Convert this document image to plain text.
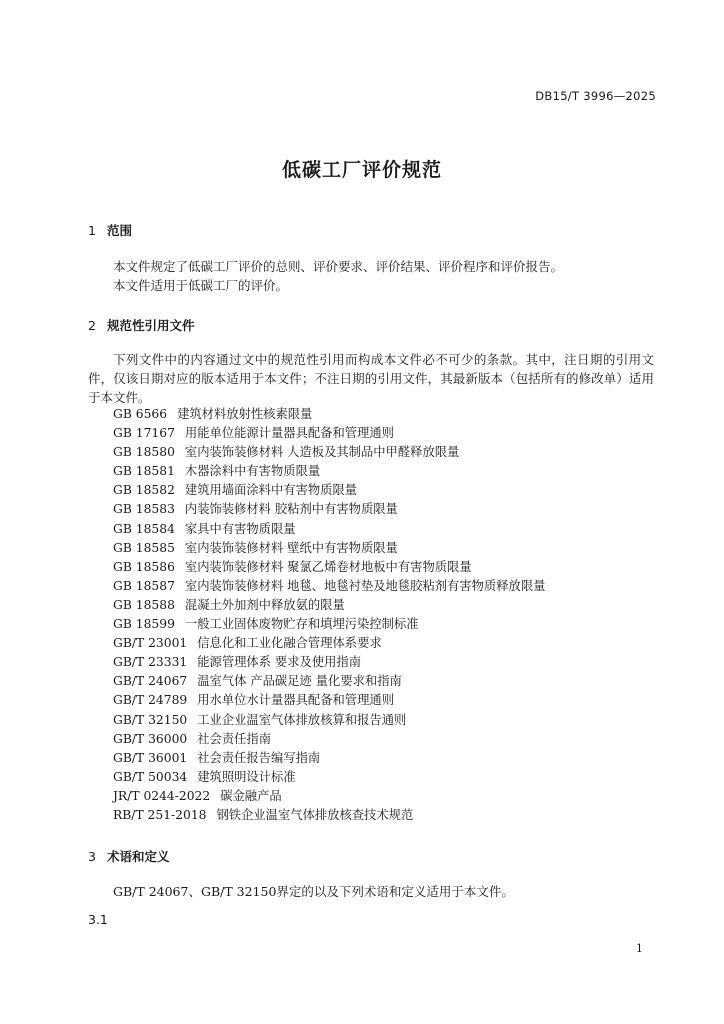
DB15/T 3996—2025
低碳工厂评价规范
1 范围
本文件规定了低碳工厂评价的总则、评价要求、评价结果、评价程序和评价报告。
本文件适用于低碳工厂的评价。
2 规范性引用文件
下列文件中的内容通过文中的规范性引用而构成本文件必不可少的条款。其中，注日期的引用文件，仅该日期对应的版本适用于本文件；不注日期的引用文件，其最新版本（包括所有的修改单）适用于本文件。
GB 6566 建筑材料放射性核素限量
GB 17167 用能单位能源计量器具配备和管理通则
GB 18580 室内装饰装修材料 人造板及其制品中甲醛释放限量
GB 18581 木器涂料中有害物质限量
GB 18582 建筑用墙面涂料中有害物质限量
GB 18583 内装饰装修材料 胶粘剂中有害物质限量
GB 18584 家具中有害物质限量
GB 18585 室内装饰装修材料 壁纸中有害物质限量
GB 18586 室内装饰装修材料 聚氯乙烯卷材地板中有害物质限量
GB 18587 室内装饰装修材料 地毯、地毯衬垫及地毯胶粘剂有害物质释放限量
GB 18588 混凝土外加剂中释放氨的限量
GB 18599 一般工业固体废物贮存和填埋污染控制标准
GB/T 23001 信息化和工业化融合管理体系要求
GB/T 23331 能源管理体系 要求及使用指南
GB/T 24067 温室气体 产品碳足迹 量化要求和指南
GB/T 24789 用水单位水计量器具配备和管理通则
GB/T 32150 工业企业温室气体排放核算和报告通则
GB/T 36000 社会责任指南
GB/T 36001 社会责任报告编写指南
GB/T 50034 建筑照明设计标准
JR/T 0244-2022 碳金融产品
RB/T 251-2018 钢铁企业温室气体排放核查技术规范
3 术语和定义
GB/T 24067、GB/T 32150界定的以及下列术语和定义适用于本文件。
3.1
1
